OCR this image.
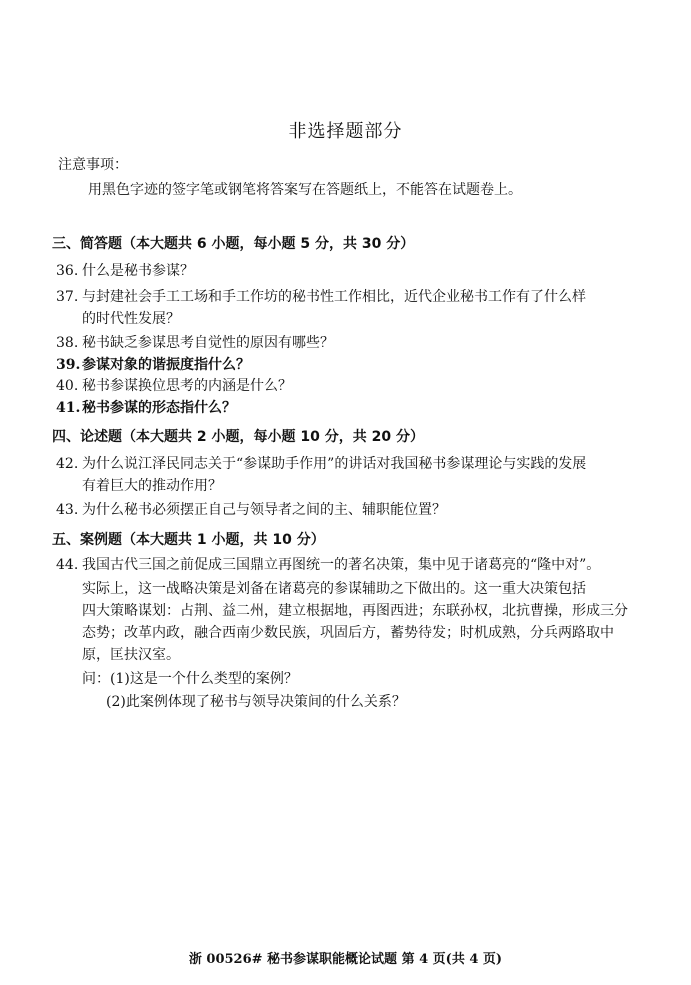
非选择题部分
注意事项：
用黑色字迹的签字笔或钢笔将答案写在答题纸上，不能答在试题卷上。
三、简答题（本大题共 6 小题，每小题 5 分，共 30 分）
36. 什么是秘书参谋？
37. 与封建社会手工工场和手工作坊的秘书性工作相比，近代企业秘书工作有了什么样
的时代性发展？
38. 秘书缺乏参谋思考自觉性的原因有哪些？
39. 参谋对象的谐振度指什么？
40. 秘书参谋换位思考的内涵是什么？
41. 秘书参谋的形态指什么？
四、论述题（本大题共 2 小题，每小题 10 分，共 20 分）
42. 为什么说江泽民同志关于“参谋助手作用”的讲话对我国秘书参谋理论与实践的发展
有着巨大的推动作用？
43. 为什么秘书必须摆正自己与领导者之间的主、辅职能位置？
五、案例题（本大题共 1 小题，共 10 分）
44. 我国古代三国之前促成三国鼎立再图统一的著名决策，集中见于诸葛亮的“隆中对”。
实际上，这一战略决策是刘备在诸葛亮的参谋辅助之下做出的。这一重大决策包括
四大策略谋划：占荆、益二州，建立根据地，再图西进；东联孙权，北抗曹操，形成三分
态势；改革内政，融合西南少数民族，巩固后方，蓄势待发；时机成熟，分兵两路取中
原，匡扶汉室。
问：(1)这是一个什么类型的案例？
(2)此案例体现了秘书与领导决策间的什么关系？
浙 00526# 秘书参谋职能概论试题 第 4 页(共 4 页)
